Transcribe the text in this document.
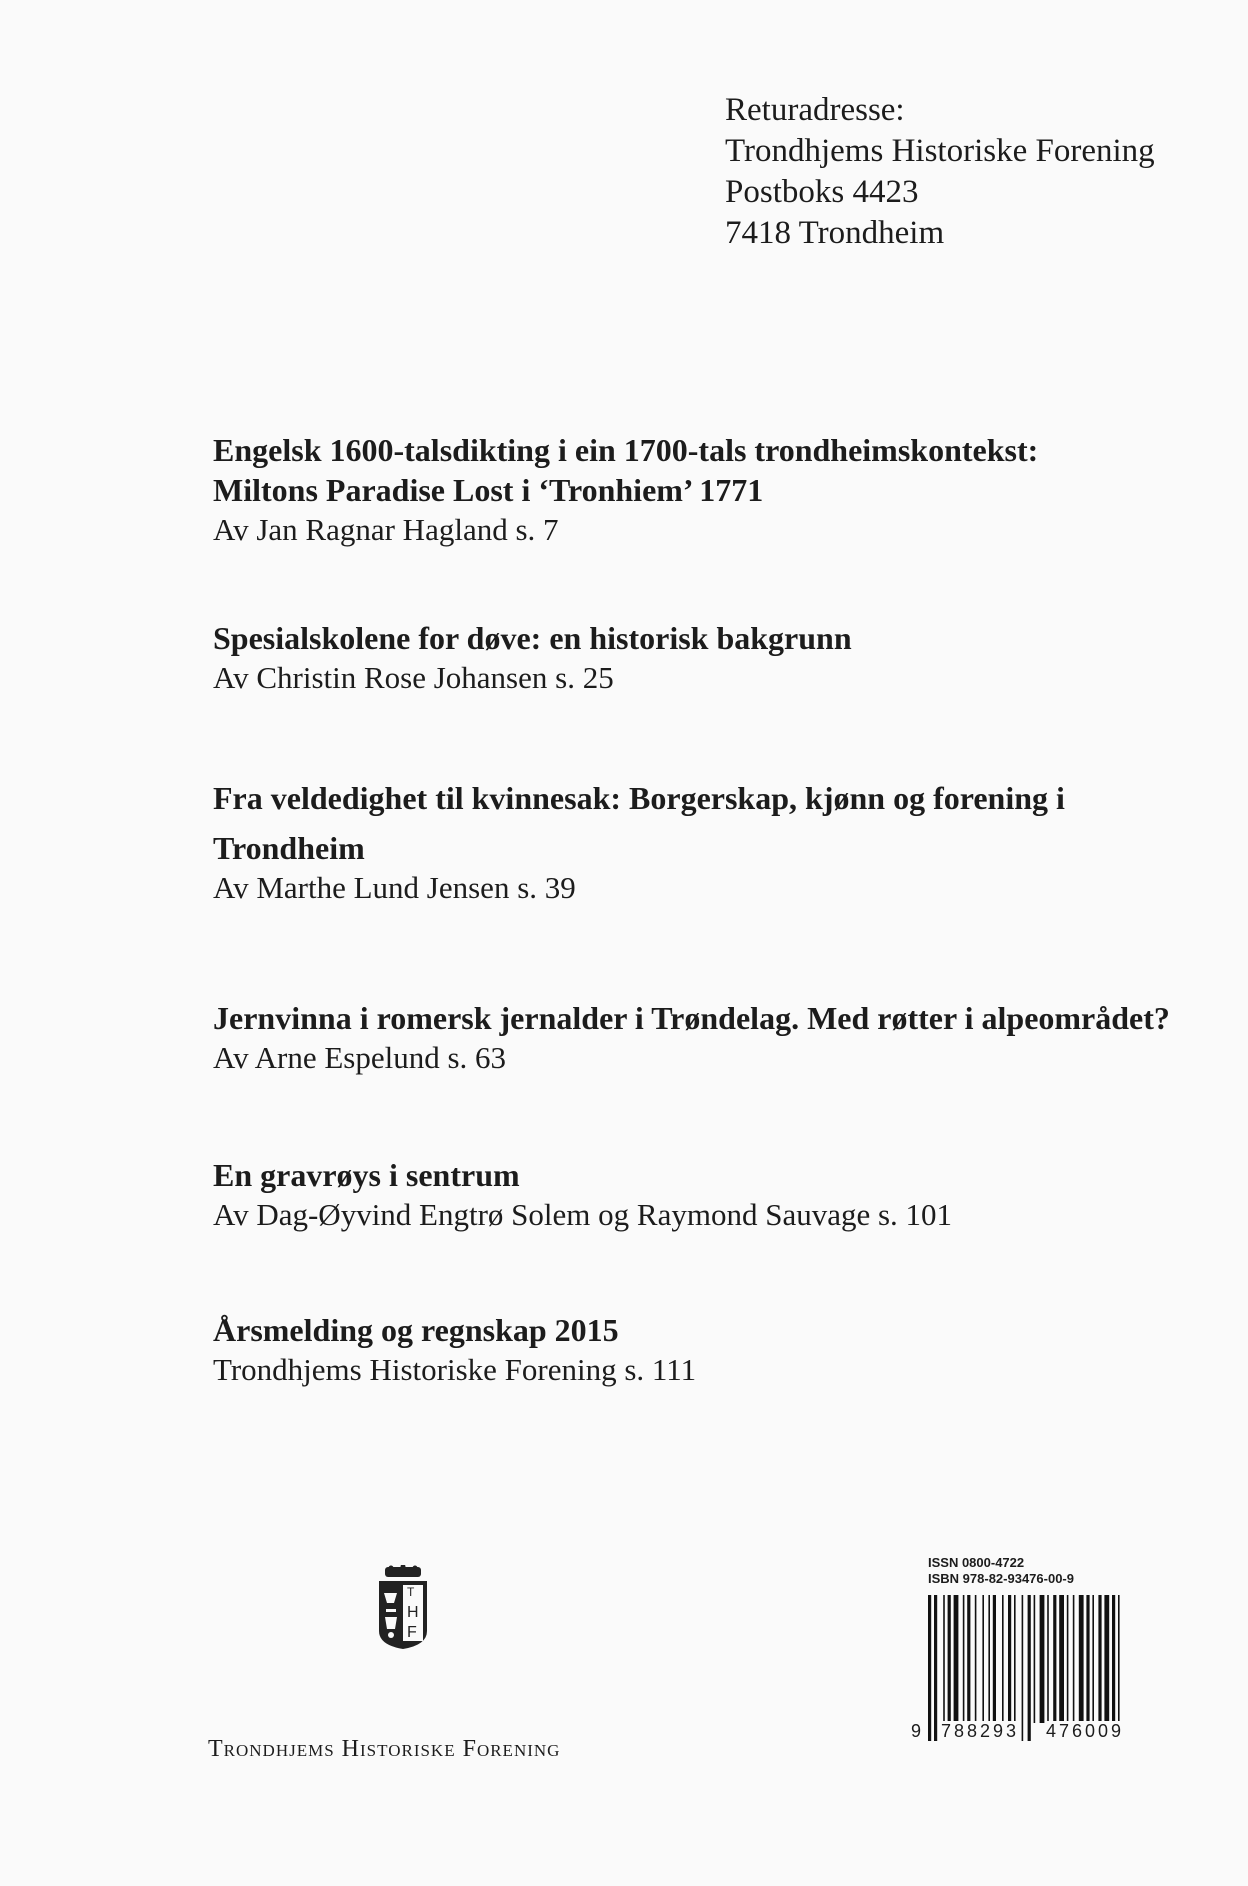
Returadresse:
Trondhjems Historiske Forening
Postboks 4423
7418 Trondheim
Engelsk 1600-talsdikting i ein 1700-tals trondheimskontekst:
Miltons Paradise Lost i ‘Tronhiem’ 1771
Av Jan Ragnar Hagland s. 7
Spesialskolene for døve: en historisk bakgrunn
Av Christin Rose Johansen s. 25
Fra veldedighet til kvinnesak: Borgerskap, kjønn og forening i
Trondheim
Av Marthe Lund Jensen s. 39
Jernvinna i romersk jernalder i Trøndelag. Med røtter i alpeområdet?
Av Arne Espelund s. 63
En gravrøys i sentrum
Av Dag-Øyvind Engtrø Solem og Raymond Sauvage s. 101
Årsmelding og regnskap 2015
Trondhjems Historiske Forening s. 111
T
H
F
Trondhjems Historiske Forening
ISSN 0800-4722
ISBN 978-82-93476-00-9
9 788293 476009
